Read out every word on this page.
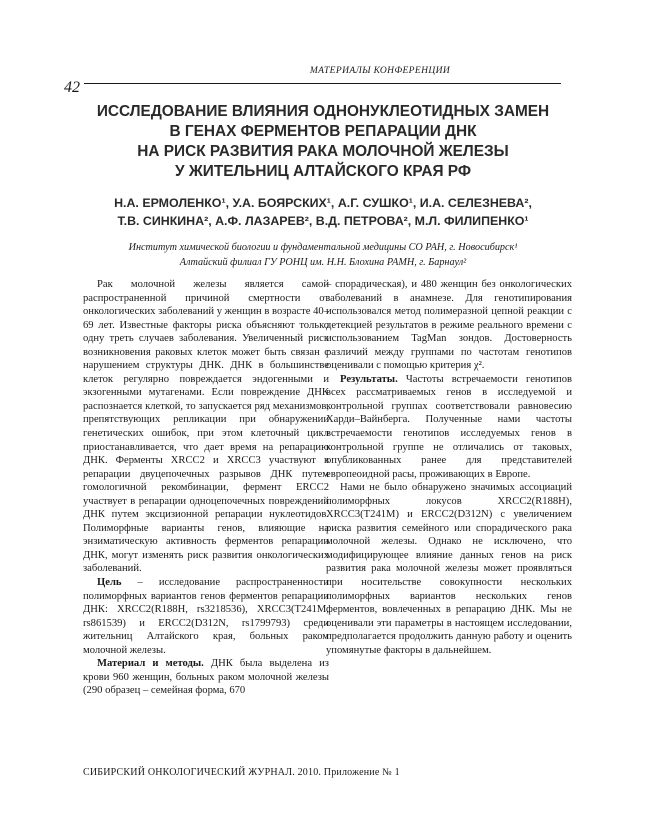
МАТЕРИАЛЫ КОНФЕРЕНЦИИ
42
ИССЛЕДОВАНИЕ ВЛИЯНИЯ ОДНОНУКЛЕОТИДНЫХ ЗАМЕН
В ГЕНАХ ФЕРМЕНТОВ РЕПАРАЦИИ ДНК
НА РИСК РАЗВИТИЯ РАКА МОЛОЧНОЙ ЖЕЛЕЗЫ
У ЖИТЕЛЬНИЦ АЛТАЙСКОГО КРАЯ РФ
Н.А. ЕРМОЛЕНКО¹, У.А. БОЯРСКИХ¹, А.Г. СУШКО¹, И.А. СЕЛЕЗНЕВА²,
Т.В. СИНКИНА², А.Ф. ЛАЗАРЕВ², В.Д. ПЕТРОВА², М.Л. ФИЛИПЕНКО¹
Институт химической биологии и фундаментальной медицины СО РАН, г. Новосибирск¹
Алтайский филиал ГУ РОНЦ им. Н.Н. Блохина РАМН, г. Барнаул²

Рак молочной железы является самой распространенной причиной смертности от онкологических заболеваний у женщин в возрасте 40–69 лет. Известные факторы риска объясняют только одну треть случаев заболевания. Увеличенный риск возникновения раковых клеток может быть связан с нарушением структуры ДНК. ДНК в большинстве клеток регулярно повреждается эндогенными и экзогенными мутагенами. Если повреждение ДНК распознается клеткой, то запускается ряд механизмов, препятствующих репликации при обнаружении генетических ошибок, при этом клеточный цикл приостанавливается, что дает время на репарацию ДНК. Ферменты XRCC2 и XRCC3 участвуют в репарации двуцепочечных разрывов ДНК путем гомологичной рекомбинации, фермент ERCC2 участвует в репарации одноцепочечных повреждений ДНК путем эксцизионной репарации нуклеотидов. Полиморфные варианты генов, влияющие на энзиматическую активность ферментов репарации ДНК, могут изменять риск развития онкологических заболеваний.

Цель – исследование распространенности полиморфных вариантов генов ферментов репарации ДНК: XRCC2(R188H, rs3218536), XRCC3(T241M, rs861539) и ERCC2(D312N, rs1799793) среди жительниц Алтайского края, больных раком молочной железы.

Материал и методы. ДНК была выделена из крови 960 женщин, больных раком молочной железы (290 образец – семейная форма, 670

– спорадическая), и 480 женщин без онкологических заболеваний в анамнезе. Для генотипирования использовался метод полимеразной цепной реакции с детекцией результатов в режиме реального времени с использованием TagMan зондов. Достоверность различий между группами по частотам генотипов оценивали с помощью критерия χ².

Результаты. Частоты встречаемости генотипов всех рассматриваемых генов в исследуемой и контрольной группах соответствовали равновесию Харди–Вайнберга. Полученные нами частоты встречаемости генотипов исследуемых генов в контрольной группе не отличались от таковых, опубликованных ранее для представителей европеоидной расы, проживающих в Европе.

Нами не было обнаружено значимых ассоциаций полиморфных локусов XRCC2(R188H), XRCC3(T241M) и ERCC2(D312N) с увеличением риска развития семейного или спорадического рака молочной железы. Однако не исключено, что модифицирующее влияние данных генов на риск развития рака молочной железы может проявляться при носительстве совокупности нескольких полиморфных вариантов нескольких генов ферментов, вовлеченных в репарацию ДНК. Мы не оценивали эти параметры в настоящем исследовании, предполагается продолжить данную работу и оценить упомянутые факторы в дальнейшем.

СИБИРСКИЙ ОНКОЛОГИЧЕСКИЙ ЖУРНАЛ. 2010. Приложение № 1
